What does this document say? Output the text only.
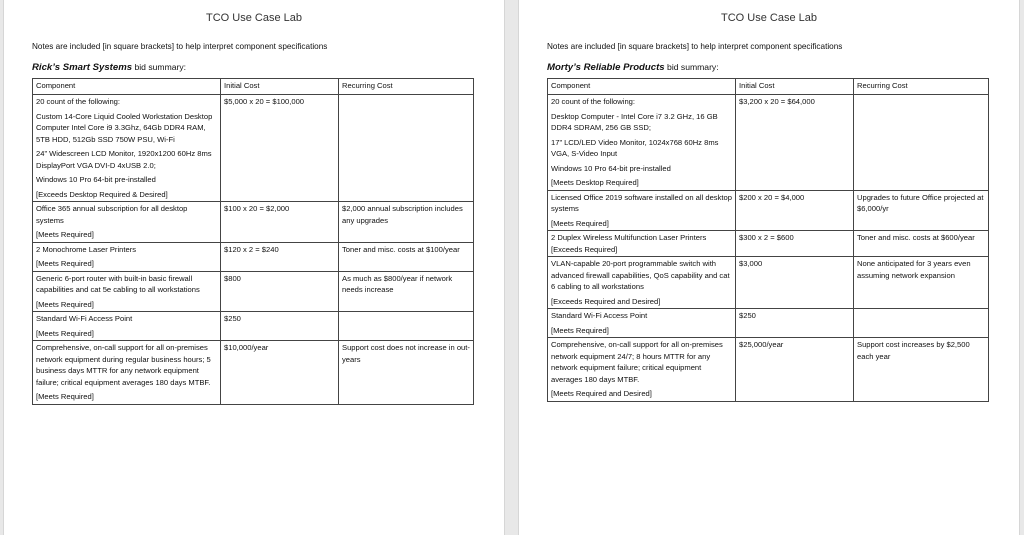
TCO Use Case Lab
Notes are included [in square brackets] to help interpret component specifications
Rick’s Smart Systems bid summary:
Component	Initial Cost	Recurring Cost

20 count of the following:
Custom 14-Core Liquid Cooled Workstation Desktop Computer Intel Core i9 3.3Ghz, 64Gb DDR4 RAM, 5TB HDD, 512Gb SSD 750W PSU, Wi-Fi
24” Widescreen LCD Monitor, 1920x1200 60Hz 8ms DisplayPort VGA DVI-D 4xUSB 2.0;
Windows 10 Pro 64-bit pre-installed
[Exceeds Desktop Required & Desired]	$5,000 x 20 = $100,000	

Office 365 annual subscription for all desktop systems
[Meets Required]	$100 x 20 = $2,000	$2,000 annual subscription includes any upgrades

2 Monochrome Laser Printers
[Meets Required]	$120 x 2 = $240	Toner and misc. costs at $100/year

Generic 6-port router with built-in basic firewall capabilities and cat 5e cabling to all workstations
[Meets Required]	$800	As much as $800/year if network needs increase

Standard Wi-Fi Access Point
[Meets Required]	$250	

Comprehensive, on-call support for all on-premises network equipment during regular business hours; 5 business days MTTR for any network equipment failure; critical equipment averages 180 days MTBF.
[Meets Required]	$10,000/year	Support cost does not increase in out-years
TCO Use Case Lab
Notes are included [in square brackets] to help interpret component specifications
Morty’s Reliable Products bid summary:
Component	Initial Cost	Recurring Cost

20 count of the following:
Desktop Computer - Intel Core i7 3.2 GHz, 16 GB DDR4 SDRAM, 256 GB SSD;
17” LCD/LED Video Monitor, 1024x768 60Hz 8ms VGA, S-Video Input
Windows 10 Pro 64-bit pre-installed
[Meets Desktop Required]	$3,200 x 20 = $64,000	

Licensed Office 2019 software installed on all desktop systems
[Meets Required]	$200 x 20 = $4,000	Upgrades to future Office projected at $6,000/yr

2 Duplex Wireless Multifunction Laser Printers [Exceeds Required]	$300 x 2 = $600	Toner and misc. costs at $600/year

VLAN-capable 20-port programmable switch with advanced firewall capabilities, QoS capability and cat 6 cabling to all workstations
[Exceeds Required and Desired]	$3,000	None anticipated for 3 years even assuming network expansion

Standard Wi-Fi Access Point
[Meets Required]	$250	

Comprehensive, on-call support for all on-premises network equipment 24/7; 8 hours MTTR for any network equipment failure; critical equipment averages 180 days MTBF.
[Meets Required and Desired]	$25,000/year	Support cost increases by $2,500 each year
